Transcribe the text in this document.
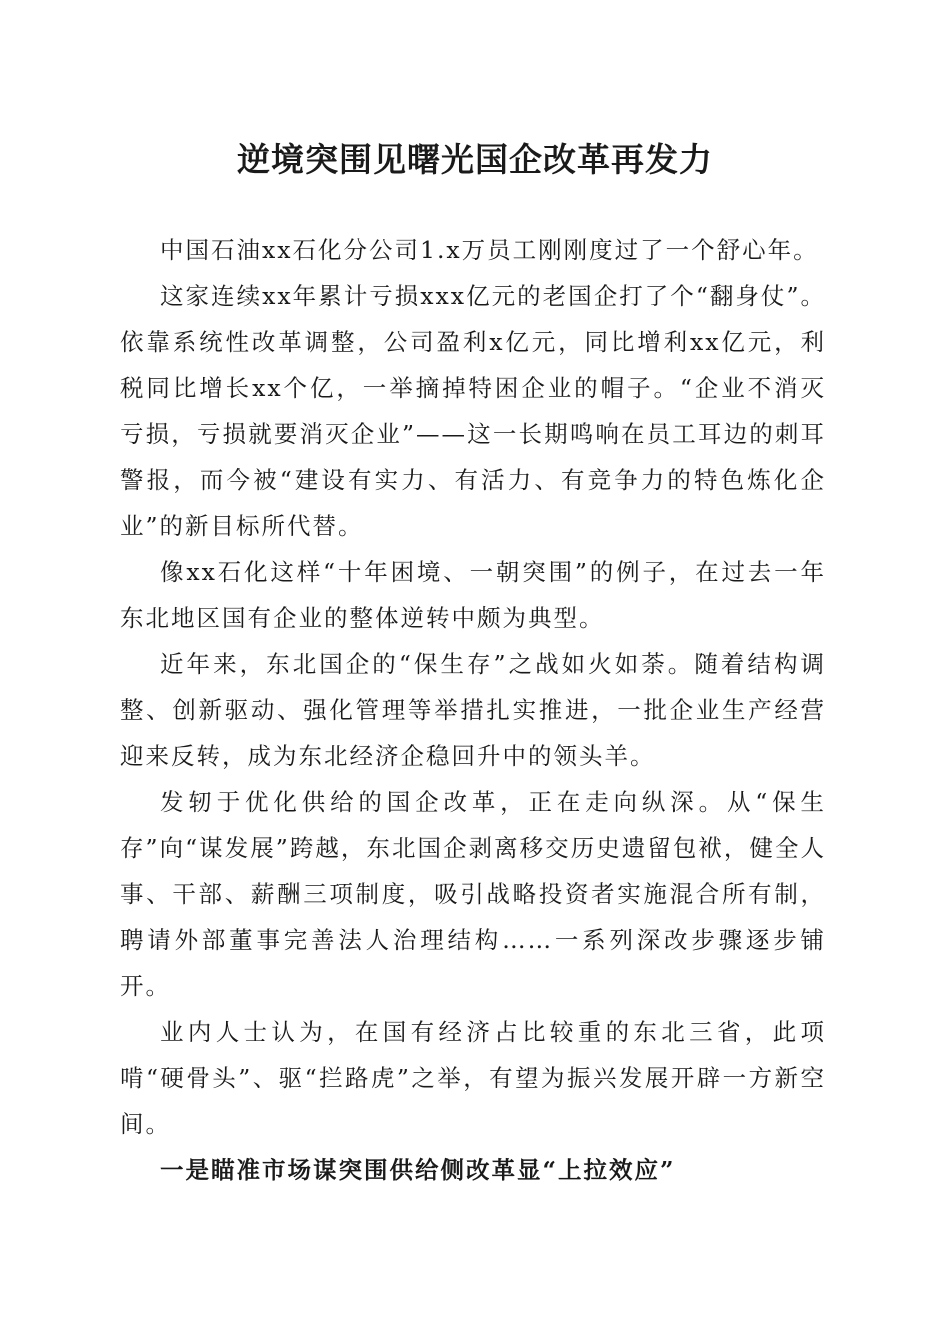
逆境突围见曙光国企改革再发力

中国石油xx石化分公司1.x万员工刚刚度过了一个舒心年。

这家连续xx年累计亏损xxx亿元的老国企打了个“翻身仗”。依靠系统性改革调整，公司盈利x亿元，同比增利xx亿元，利税同比增长xx个亿，一举摘掉特困企业的帽子。“企业不消灭亏损，亏损就要消灭企业”——这一长期鸣响在员工耳边的刺耳警报，而今被“建设有实力、有活力、有竞争力的特色炼化企业”的新目标所代替。

像xx石化这样“十年困境、一朝突围”的例子，在过去一年东北地区国有企业的整体逆转中颇为典型。

近年来，东北国企的“保生存”之战如火如荼。随着结构调整、创新驱动、强化管理等举措扎实推进，一批企业生产经营迎来反转，成为东北经济企稳回升中的领头羊。

发轫于优化供给的国企改革，正在走向纵深。从“保生存”向“谋发展”跨越，东北国企剥离移交历史遗留包袱，健全人事、干部、薪酬三项制度，吸引战略投资者实施混合所有制，聘请外部董事完善法人治理结构……一系列深改步骤逐步铺开。

业内人士认为，在国有经济占比较重的东北三省，此项啃“硬骨头”、驱“拦路虎”之举，有望为振兴发展开辟一方新空间。

一是瞄准市场谋突围供给侧改革显“上拉效应”
